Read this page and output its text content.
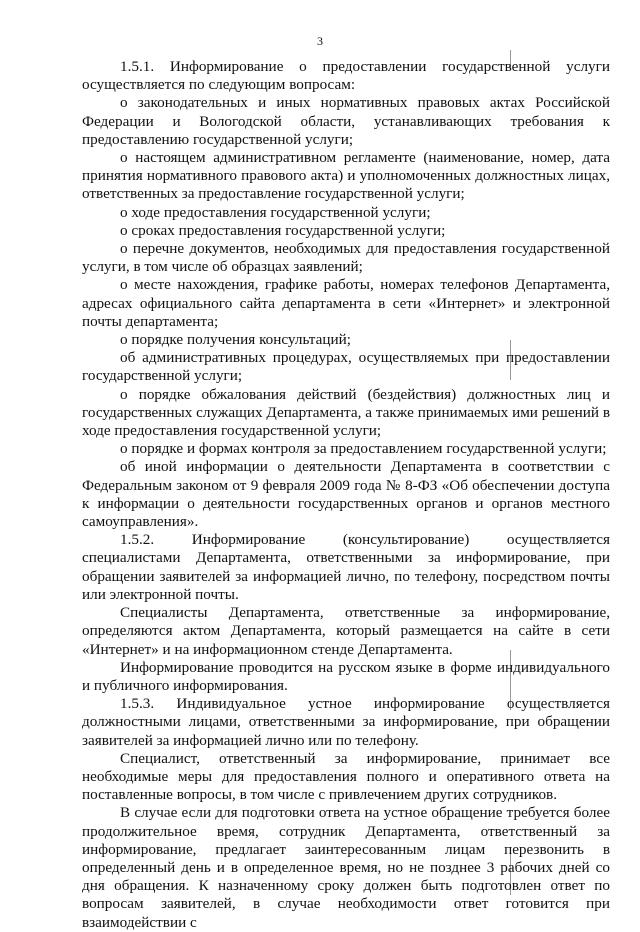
3

1.5.1. Информирование о предоставлении государственной услуги осуществляется по следующим вопросам:

о законодательных и иных нормативных правовых актах Российской Федерации и Вологодской области, устанавливающих требования к предоставлению государственной услуги;

о настоящем административном регламенте (наименование, номер, дата принятия нормативного правового акта) и уполномоченных должностных лицах, ответственных за предоставление государственной услуги;

о ходе предоставления государственной услуги;

о сроках предоставления государственной услуги;

о перечне документов, необходимых для предоставления государственной услуги, в том числе об образцах заявлений;

о месте нахождения, графике работы, номерах телефонов Департамента, адресах официального сайта департамента в сети «Интернет» и электронной почты департамента;

о порядке получения консультаций;

об административных процедурах, осуществляемых при предоставлении государственной услуги;

о порядке обжалования действий (бездействия) должностных лиц и государственных служащих Департамента, а также принимаемых ими решений в ходе предоставления государственной услуги;

о порядке и формах контроля за предоставлением государственной услуги;

об иной информации о деятельности Департамента в соответствии с Федеральным законом от 9 февраля 2009 года № 8-ФЗ «Об обеспечении доступа к информации о деятельности государственных органов и органов местного самоуправления».

1.5.2. Информирование (консультирование) осуществляется специалистами Департамента, ответственными за информирование, при обращении заявителей за информацией лично, по телефону, посредством почты или электронной почты.

Специалисты Департамента, ответственные за информирование, определяются актом Департамента, который размещается на сайте в сети «Интернет» и на информационном стенде Департамента.

Информирование проводится на русском языке в форме индивидуального и публичного информирования.

1.5.3. Индивидуальное устное информирование осуществляется должностными лицами, ответственными за информирование, при обращении заявителей за информацией лично или по телефону.

Специалист, ответственный за информирование, принимает все необходимые меры для предоставления полного и оперативного ответа на поставленные вопросы, в том числе с привлечением других сотрудников.

В случае если для подготовки ответа на устное обращение требуется более продолжительное время, сотрудник Департамента, ответственный за информирование, предлагает заинтересованным лицам перезвонить в определенный день и в определенное время, но не позднее 3 рабочих дней со дня обращения. К назначенному сроку должен быть подготовлен ответ по вопросам заявителей, в случае необходимости ответ готовится при взаимодействии с
